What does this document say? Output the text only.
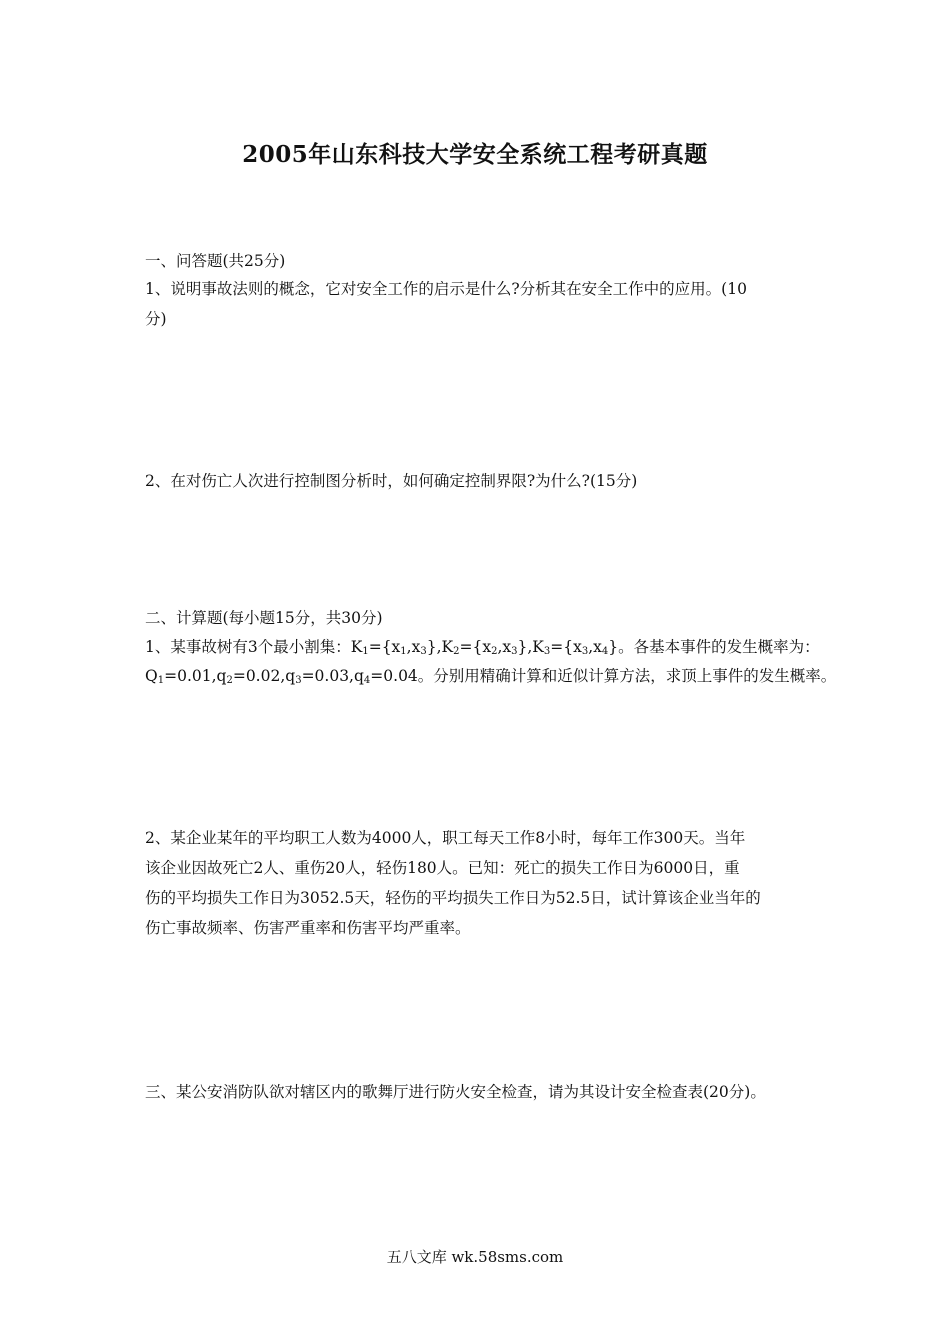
2005年山东科技大学安全系统工程考研真题
一、问答题(共25分)
1、说明事故法则的概念，它对安全工作的启示是什么?分析其在安全工作中的应用。(10
分)
2、在对伤亡人次进行控制图分析时，如何确定控制界限?为什么?(15分)
二、计算题(每小题15分，共30分)
1、某事故树有3个最小割集：$K_1=\{x_1,x_3\},K_2=\{x_2,x_3\},K_3=\{x_3,x_4\}$。各基本事件的发生概率为：
$Q_1=0.01,q_2=0.02,q_3=0.03,q_4=0.04$。分别用精确计算和近似计算方法，求顶上事件的发生概率。
2、某企业某年的平均职工人数为4000人，职工每天工作8小时，每年工作300天。当年
该企业因故死亡2人、重伤20人，轻伤180人。已知：死亡的损失工作日为6000日，重
伤的平均损失工作日为3052.5天，轻伤的平均损失工作日为52.5日，试计算该企业当年的
伤亡事故频率、伤害严重率和伤害平均严重率。
三、某公安消防队欲对辖区内的歌舞厅进行防火安全检查，请为其设计安全检查表(20分)。
五八文库 wk.58sms.com
